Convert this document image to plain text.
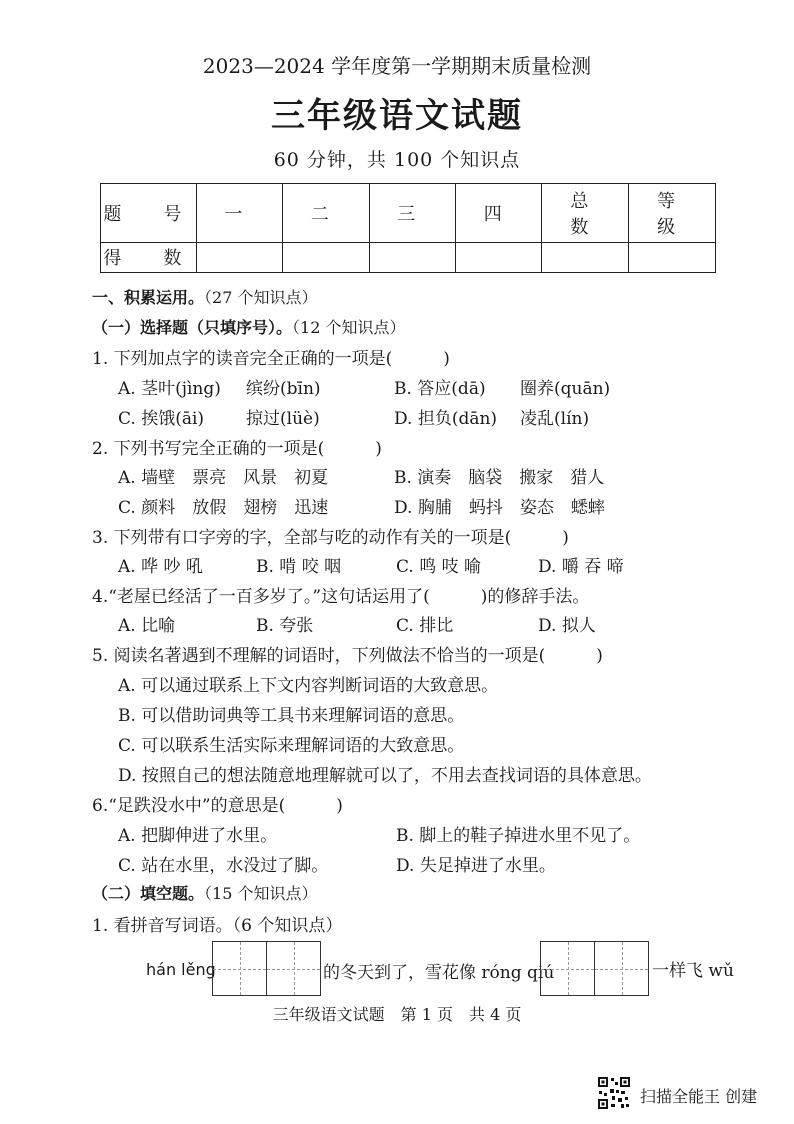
2023—2024 学年度第一学期期末质量检测
三年级语文试题
60 分钟，共 100 个知识点
题　号	一	二	三	四	总　数	等　级
得　数						
一、积累运用。（27 个知识点）
（一）选择题（只填序号）。（12 个知识点）
1. 下列加点字的读音完全正确的一项是(　　　)
A. 茎叶(jìng) 缤纷(bīn)	B. 答应(dā) 圈养(quān)
C. 挨饿(āi) 掠过(lüè)	D. 担负(dān) 凌乱(lín)
2. 下列书写完全正确的一项是(　　　)
A. 墙壁　票亮　风景　初夏	B. 演奏　脑袋　搬家　猎人
C. 颜料　放假　翅榜　迅速	D. 胸脯　蚂抖　姿态　蟋蟀
3. 下列带有口字旁的字，全部与吃的动作有关的一项是(　　　)
A. 哗 吵 吼	B. 啃 咬 咽	C. 鸣 吱 喻	D. 嚼 吞 啼
4.“老屋已经活了一百多岁了。”这句话运用了(　　　)的修辞手法。
A. 比喻	B. 夸张	C. 排比	D. 拟人
5. 阅读名著遇到不理解的词语时，下列做法不恰当的一项是(　　　)
A. 可以通过联系上下文内容判断词语的大致意思。
B. 可以借助词典等工具书来理解词语的意思。
C. 可以联系生活实际来理解词语的大致意思。
D. 按照自己的想法随意地理解就可以了，不用去查找词语的具体意思。
6.“足跌没水中”的意思是(　　　)
A. 把脚伸进了水里。	B. 脚上的鞋子掉进水里不见了。
C. 站在水里，水没过了脚。	D. 失足掉进了水里。
（二）填空题。（15 个知识点）
1. 看拼音写词语。（6 个知识点）
hán lěng	的冬天到了，雪花像 róng qiú	一样飞 wǔ
三年级语文试题　第 1 页　共 4 页
扫描全能王 创建
